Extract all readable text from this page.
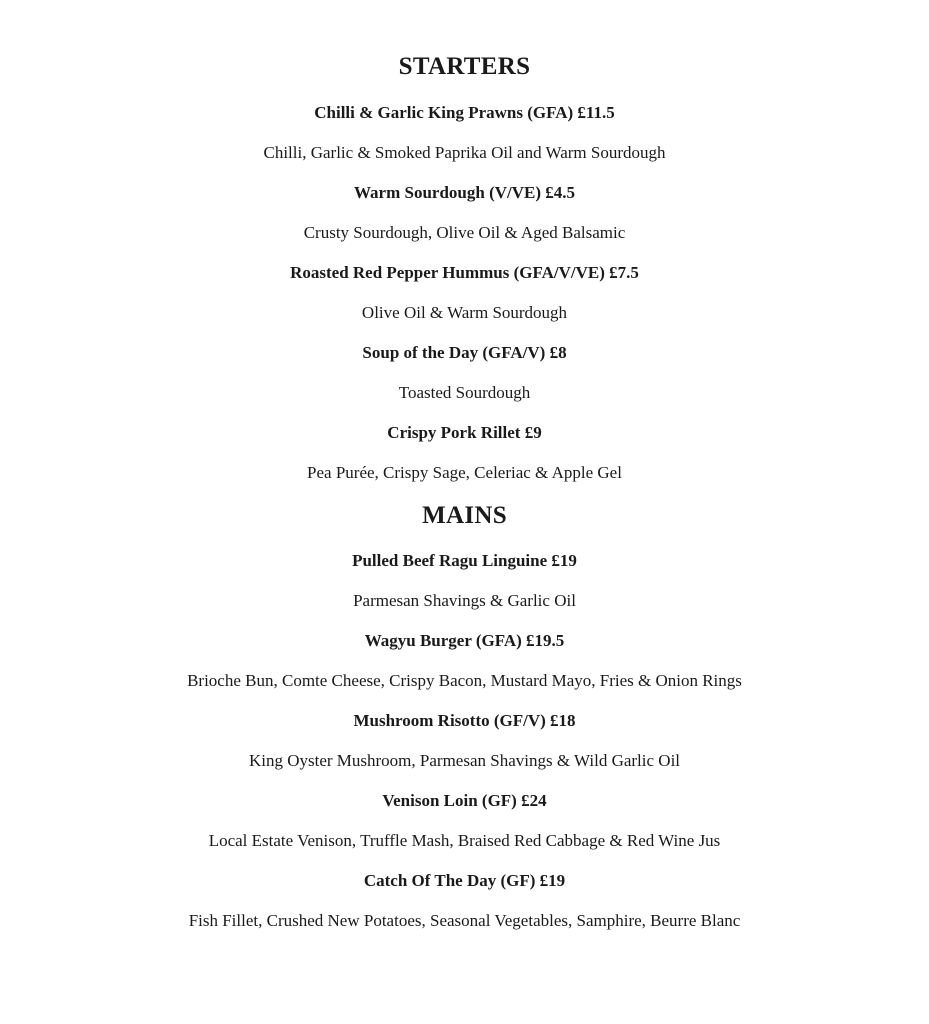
STARTERS
Chilli & Garlic King Prawns (GFA) £11.5
Chilli, Garlic & Smoked Paprika Oil and Warm Sourdough
Warm Sourdough (V/VE) £4.5
Crusty Sourdough, Olive Oil & Aged Balsamic
Roasted Red Pepper Hummus (GFA/V/VE) £7.5
Olive Oil & Warm Sourdough
Soup of the Day (GFA/V) £8
Toasted Sourdough
Crispy Pork Rillet £9
Pea Purée, Crispy Sage, Celeriac & Apple Gel
MAINS
Pulled Beef Ragu Linguine £19
Parmesan Shavings & Garlic Oil
Wagyu Burger (GFA) £19.5
Brioche Bun, Comte Cheese, Crispy Bacon, Mustard Mayo, Fries & Onion Rings
Mushroom Risotto (GF/V) £18
King Oyster Mushroom, Parmesan Shavings & Wild Garlic Oil
Venison Loin (GF) £24
Local Estate Venison, Truffle Mash, Braised Red Cabbage & Red Wine Jus
Catch Of The Day (GF) £19
Fish Fillet, Crushed New Potatoes, Seasonal Vegetables, Samphire, Beurre Blanc
